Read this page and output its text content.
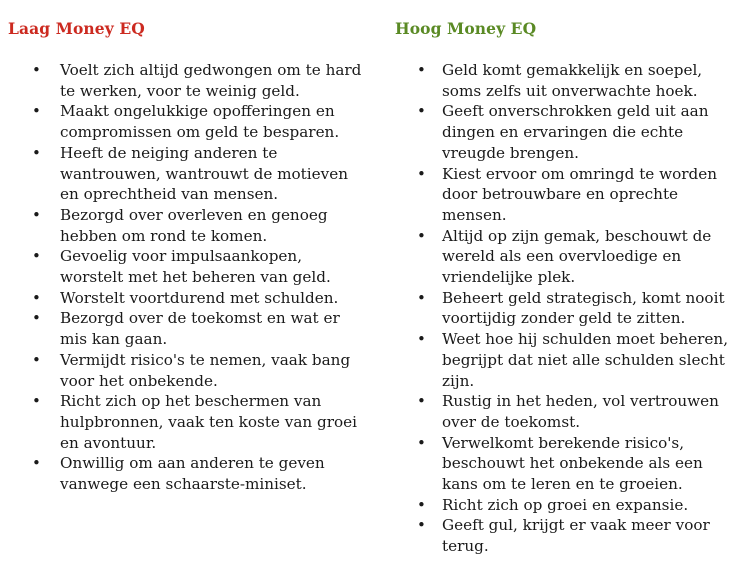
Laag Money EQ
• Voelt zich altijd gedwongen om te hard te werken, voor te weinig geld.
• Maakt ongelukkige opofferingen en compromissen om geld te besparen.
• Heeft de neiging anderen te wantrouwen, wantrouwt de motieven en oprechtheid van mensen.
• Bezorgd over overleven en genoeg hebben om rond te komen.
• Gevoelig voor impulsaankopen, worstelt met het beheren van geld.
• Worstelt voortdurend met schulden.
• Bezorgd over de toekomst en wat er mis kan gaan.
• Vermijdt risico's te nemen, vaak bang voor het onbekende.
• Richt zich op het beschermen van hulpbronnen, vaak ten koste van groei en avontuur.
• Onwillig om aan anderen te geven vanwege een schaarste-miniset.
Hoog Money EQ
• Geld komt gemakkelijk en soepel, soms zelfs uit onverwachte hoek.
• Geeft onverschrokken geld uit aan dingen en ervaringen die echte vreugde brengen.
• Kiest ervoor om omringd te worden door betrouwbare en oprechte mensen.
• Altijd op zijn gemak, beschouwt de wereld als een overvloedige en vriendelijke plek.
• Beheert geld strategisch, komt nooit voortijdig zonder geld te zitten.
• Weet hoe hij schulden moet beheren, begrijpt dat niet alle schulden slecht zijn.
• Rustig in het heden, vol vertrouwen over de toekomst.
• Verwelkomt berekende risico's, beschouwt het onbekende als een kans om te leren en te groeien.
• Richt zich op groei en expansie.
• Geeft gul, krijgt er vaak meer voor terug.
